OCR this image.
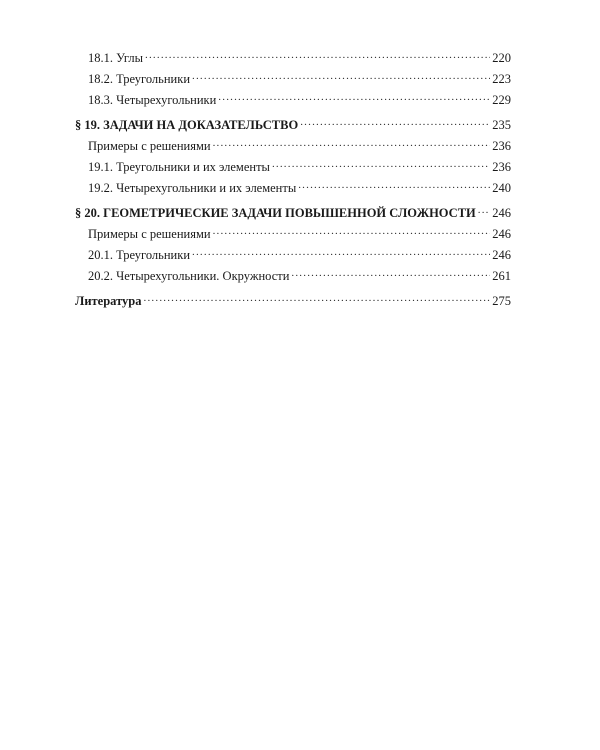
18.1. Углы .....	220
18.2. Треугольники .....	223
18.3. Четырехугольники .....	229
§ 19. ЗАДАЧИ НА ДОКАЗАТЕЛЬСТВО .....	235
Примеры с решениями .....	236
19.1. Треугольники и их элементы .....	236
19.2. Четырехугольники и их элементы .....	240
§ 20. ГЕОМЕТРИЧЕСКИЕ ЗАДАЧИ ПОВЫШЕННОЙ СЛОЖНОСТИ ..... 246
Примеры с решениями .....	246
20.1. Треугольники .....	246
20.2. Четырехугольники. Окружности .....	261
Литература .....	275
